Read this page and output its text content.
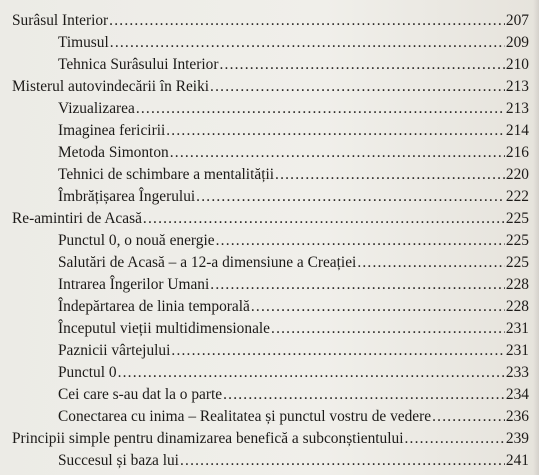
Surâsul Interior .....	207
Timusul .....	209
Tehnica Surâsului Interior .....	210
Misterul autovindecării în Reiki .....	213
Vizualizarea .....	213
Imaginea fericirii .....	214
Metoda Simonton .....	216
Tehnici de schimbare a mentalității .....	220
Îmbrățișarea Îngerului .....	222
Re-amintiri de Acasă .....	225
Punctul 0, o nouă energie .....	225
Salutări de Acasă – a 12-a dimensiune a Creației .....	225
Intrarea Îngerilor Umani .....	228
Îndepărtarea de linia temporală .....	228
Începutul vieții multidimensionale .....	231
Paznicii vârtejului .....	231
Punctul 0 .....	233
Cei care s-au dat la o parte .....	234
Conectarea cu inima – Realitatea și punctul vostru de vedere .....	236
Principii simple pentru dinamizarea benefică a subconștientului .....	239
Succesul și baza lui .....	241
